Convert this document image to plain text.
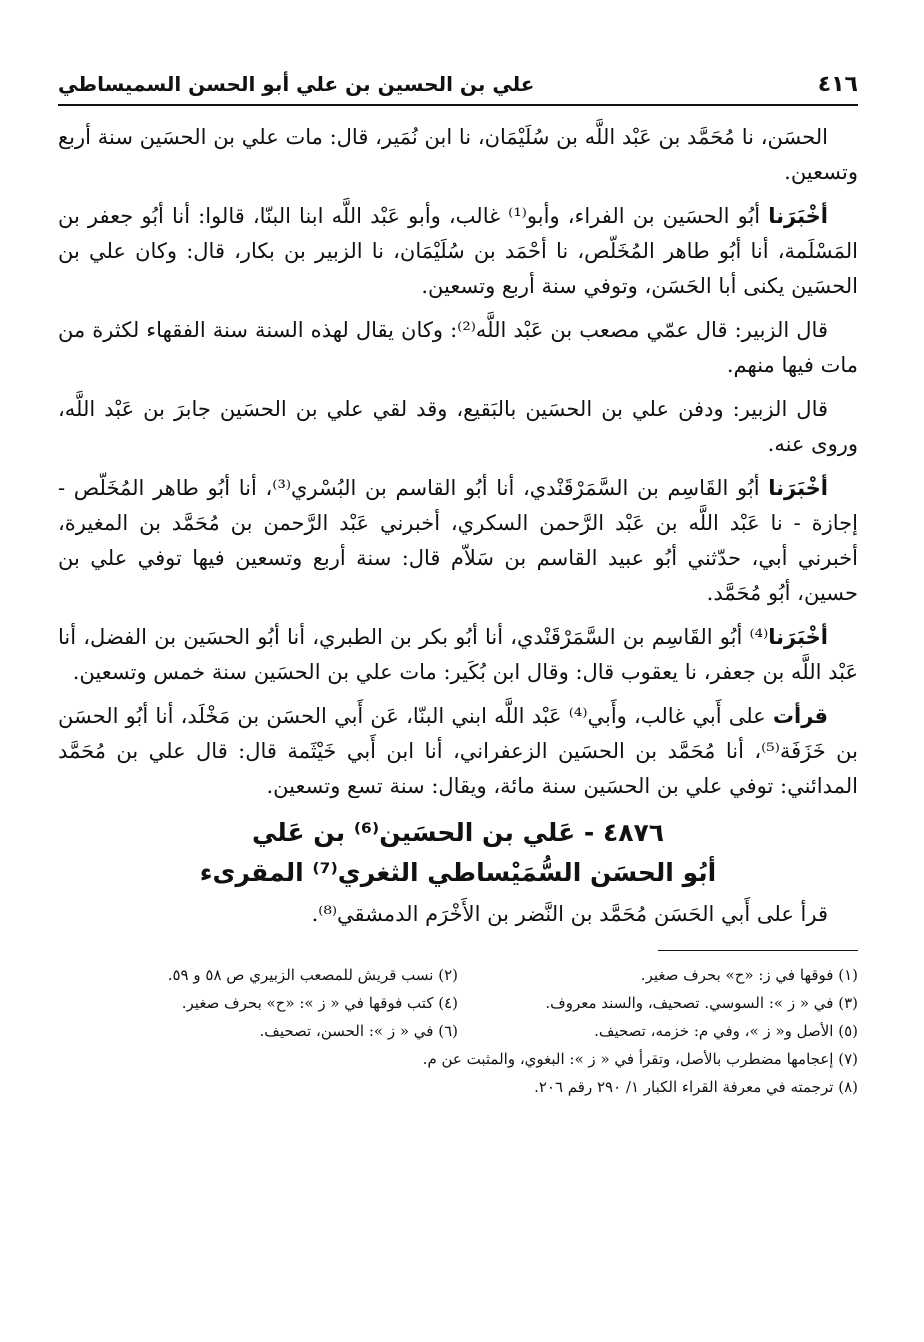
٤١٦
علي بن الحسين بن علي أبو الحسن السميساطي

الحسَن، نا مُحَمَّد بن عَبْد اللَّه بن سُلَيْمَان، نا ابن نُمَير، قال: مات علي بن الحسَين سنة أربع وتسعين.

أخْبَرَنا أبُو الحسَين بن الفراء، وأبو⁽¹⁾ غالب، وأبو عَبْد اللَّه ابنا البنّا، قالوا: أنا أبُو جعفر بن المَسْلَمة، أنا أبُو طاهر المُخَلّص، نا أحْمَد بن سُلَيْمَان، نا الزبير بن بكار، قال: وكان علي بن الحسَين يكنى أبا الحَسَن، وتوفي سنة أربع وتسعين.

قال الزبير: قال عمّي مصعب بن عَبْد اللَّه⁽²⁾: وكان يقال لهذه السنة سنة الفقهاء لكثرة من مات فيها منهم.

قال الزبير: ودفن علي بن الحسَين بالبَقيع، وقد لقي علي بن الحسَين جابرَ بن عَبْد اللَّه، وروى عنه.

أخْبَرَنا أبُو القَاسِم بن السَّمَرْقَنْدي، أنا أبُو القاسم بن البُسْري⁽³⁾، أنا أبُو طاهر المُخَلّص - إجازة - نا عَبْد اللَّه بن عَبْد الرَّحمن السكري، أخبرني عَبْد الرَّحمن بن مُحَمَّد بن المغيرة، أخبرني أبي، حدّثني أبُو عبيد القاسم بن سَلاّم قال: سنة أربع وتسعين فيها توفي علي بن حسين، أبُو مُحَمَّد.

أخْبَرَنا⁽⁴⁾ أبُو القَاسِم بن السَّمَرْقَنْدي، أنا أبُو بكر بن الطبري، أنا أبُو الحسَين بن الفضل، أنا عَبْد اللَّه بن جعفر، نا يعقوب قال: وقال ابن بُكَير: مات علي بن الحسَين سنة خمس وتسعين.

قرأت على أَبي غالب، وأَبي⁽⁴⁾ عَبْد اللَّه ابني البنّا، عَن أَبي الحسَن بن مَخْلَد، أنا أبُو الحسَن بن خَزَفَة⁽⁵⁾، أنا مُحَمَّد بن الحسَين الزعفراني، أنا ابن أَبي خَيْثَمة قال: قال علي بن مُحَمَّد المدائني: توفي علي بن الحسَين سنة مائة، ويقال: سنة تسع وتسعين.

٤٨٧٦ - عَلي بن الحسَين⁽⁶⁾ بن عَلي
أبُو الحسَن السُّمَيْساطي الثغري⁽⁷⁾ المقرىء

قرأ على أَبي الحَسَن مُحَمَّد بن النَّضر بن الأَخْرَم الدمشقي⁽⁸⁾.

(١) فوقها في ز: «ح» بحرف صغير.
(٢) نسب قريش للمصعب الزبيري ص ٥٨ و ٥٩.
(٣) في « ز »: السوسي. تصحيف، والسند معروف.
(٤) كتب فوقها في « ز »: «ح» بحرف صغير.
(٥) الأصل و« ز »، وفي م: خزمه، تصحيف.
(٦) في « ز »: الحسن، تصحيف.
(٧) إعجامها مضطرب بالأصل، وتقرأ في « ز »: البغوي، والمثبت عن م.
(٨) ترجمته في معرفة القراء الكبار ١/ ٢٩٠ رقم ٢٠٦.
